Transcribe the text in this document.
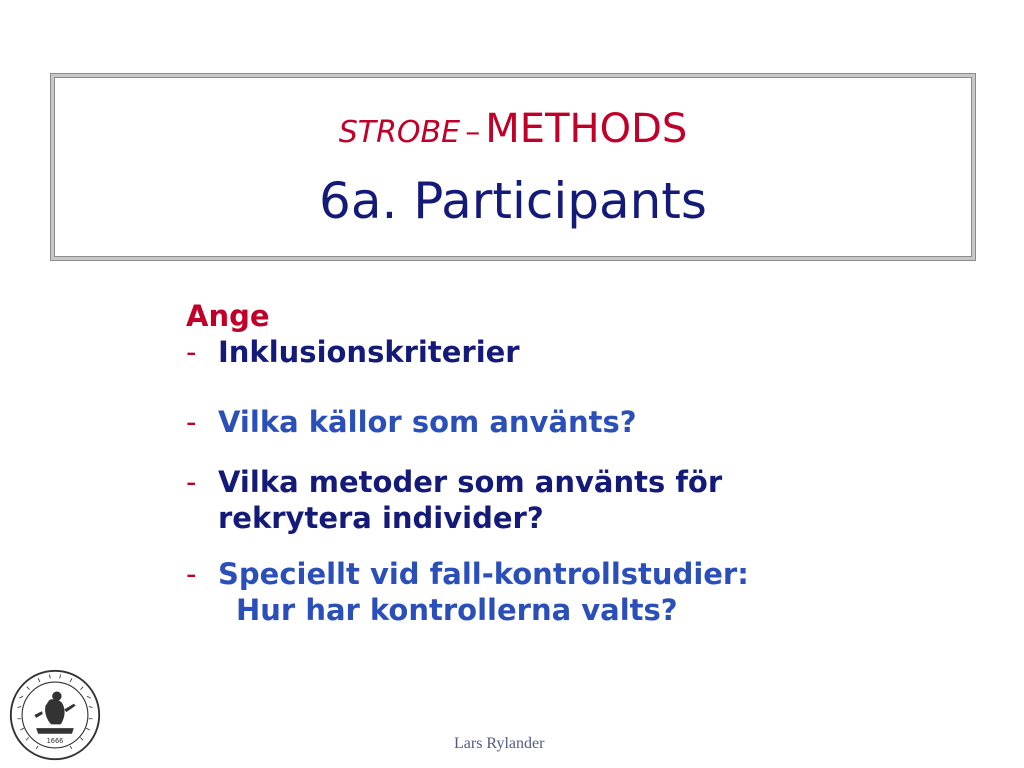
STROBE – METHODS
6a. Participants
Ange
- Inklusionskriterier
- Vilka källor som använts?
- Vilka metoder som använts för
rekrytera individer?
- Speciellt vid fall-kontrollstudier:
Hur har kontrollerna valts?
1666	Lars Rylander
